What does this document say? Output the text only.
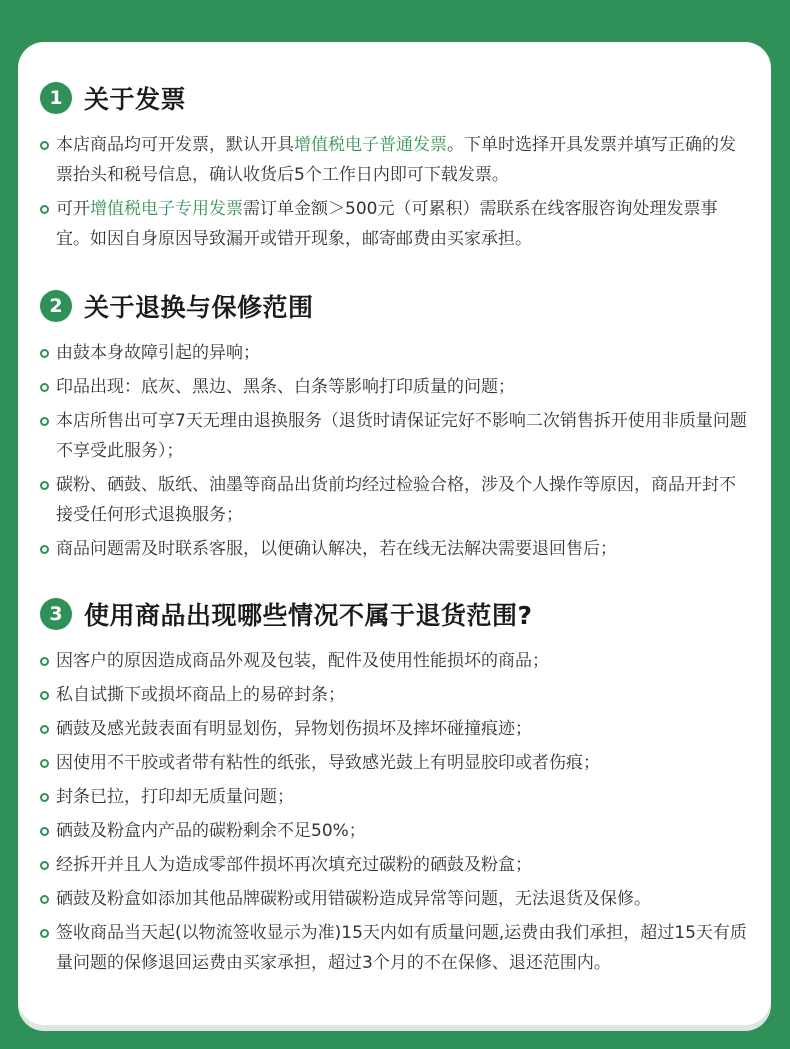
1 关于发票
本店商品均可开发票，默认开具增值税电子普通发票。下单时选择开具发票并填写正确的发票抬头和税号信息，确认收货后5个工作日内即可下载发票。
可开增值税电子专用发票需订单金额＞500元（可累积）需联系在线客服咨询处理发票事宜。如因自身原因导致漏开或错开现象，邮寄邮费由买家承担。
2 关于退换与保修范围
由鼓本身故障引起的异响；
印品出现：底灰、黑边、黑条、白条等影响打印质量的问题；
本店所售出可享7天无理由退换服务（退货时请保证完好不影响二次销售拆开使用非质量问题不享受此服务）；
碳粉、硒鼓、版纸、油墨等商品出货前均经过检验合格，涉及个人操作等原因，商品开封不接受任何形式退换服务；
商品问题需及时联系客服，以便确认解决，若在线无法解决需要退回售后；
3 使用商品出现哪些情况不属于退货范围?
因客户的原因造成商品外观及包装，配件及使用性能损坏的商品；
私自试撕下或损坏商品上的易碎封条；
硒鼓及感光鼓表面有明显划伤，异物划伤损坏及摔坏碰撞痕迹；
因使用不干胶或者带有粘性的纸张，导致感光鼓上有明显胶印或者伤痕；
封条已拉，打印却无质量问题；
硒鼓及粉盒内产品的碳粉剩余不足50%；
经拆开并且人为造成零部件损坏再次填充过碳粉的硒鼓及粉盒；
硒鼓及粉盒如添加其他品牌碳粉或用错碳粉造成异常等问题，无法退货及保修。
签收商品当天起(以物流签收显示为准)15天内如有质量问题,运费由我们承担，超过15天有质量问题的保修退回运费由买家承担，超过3个月的不在保修、退还范围内。
